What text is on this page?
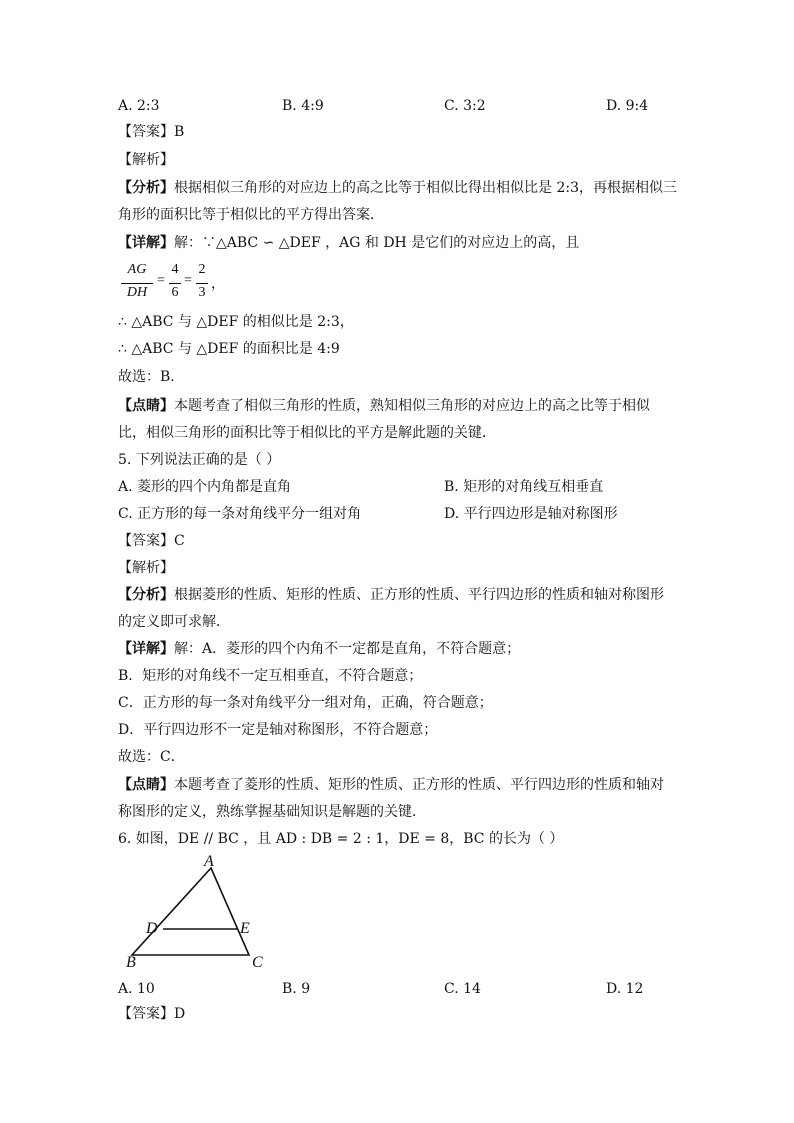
A. 2:3	B. 4:9	C. 3:2	D. 9:4
【答案】B
【解析】
【分析】根据相似三角形的对应边上的高之比等于相似比得出相似比是 2:3，再根据相似三
角形的面积比等于相似比的平方得出答案．
【详解】解：∵△ABC ∽ △DEF ，AG 和 DH 是它们的对应边上的高，且
AG
DH
=
4
6
=
2
3
，
∴ △ABC 与 △DEF 的相似比是 2:3，
∴ △ABC 与 △DEF 的面积比是 4:9
故选：B．
【点睛】本题考查了相似三角形的性质，熟知相似三角形的对应边上的高之比等于相似
比，相似三角形的面积比等于相似比的平方是解此题的关键．
5. 下列说法正确的是（ ）
A. 菱形的四个内角都是直角	B. 矩形的对角线互相垂直
C. 正方形的每一条对角线平分一组对角	D. 平行四边形是轴对称图形
【答案】C
【解析】
【分析】根据菱形的性质、矩形的性质、正方形的性质、平行四边形的性质和轴对称图形
的定义即可求解．
【详解】解：A．菱形的四个内角不一定都是直角，不符合题意；
B．矩形的对角线不一定互相垂直，不符合题意；
C．正方形的每一条对角线平分一组对角，正确，符合题意；
D．平行四边形不一定是轴对称图形，不符合题意；
故选：C．
【点睛】本题考查了菱形的性质、矩形的性质、正方形的性质、平行四边形的性质和轴对
称图形的定义，熟练掌握基础知识是解题的关键．
6. 如图，DE // BC ，且 AD : DB = 2 : 1，DE = 8，BC 的长为（ ）
A
D	E
B	C
A. 10	B. 9	C. 14	D. 12
【答案】D
